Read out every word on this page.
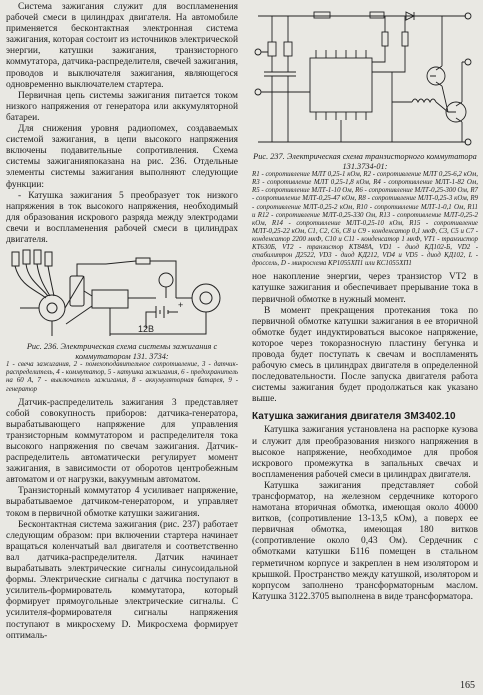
Система зажигания служит для воспламенения рабочей смеси в цилиндрах двигателя. На автомобиле применяется бесконтактная электронная система зажигания, которая состоит из источников электрической энергии, катушки зажигания, транзисторного коммутатора, датчика-распределителя, свечей зажигания, проводов и выключателя зажигания, являющегося одновременно выключателем стартера.

Первичная цепь системы зажигания питается током низкого напряжения от генератора или аккумуляторной батареи.

Для снижения уровня радиопомех, создаваемых системой зажигания, в цепи высокого напряжения включены подавительные сопротивления. Схема системы зажиганияпоказана на рис. 236. Отдельные элементы системы зажигания выполняют следующие функции:

- Катушка зажигания 5 преобразует ток низкого напряжения в ток высокого напряжения, необходимый для образования искрового разряда между электродами свечи и воспламенения рабочей смеси в цилиндрах двигателя.

12В
+

Рис. 236. Электрическая схема системы зажигания с коммутатором 131. 3734:

1 - свеча зажигания, 2 - помехоподавительное сопротивление, 3 - датчик-распределитель, 4 - коммутатор, 5 - катушка зажигания, 6 - предохранитель на 60 А, 7 - выключатель зажигания, 8 - аккумуляторная батарея, 9 - генератор

Датчик-распределитель зажигания 3 представляет собой совокупность приборов: датчика-генератора, вырабатывающего напряжение для управления транзисторным коммутатором и распределителя тока высокого напряжения по свечам зажигания. Датчик-распределитель автоматически регулирует момент зажигания, в зависимости от оборотов центробежным автоматом и от нагрузки, вакуумным автоматом.

Транзисторный коммутатор 4 усиливает напряжение, вырабатываемое датчиком-генератором, и управляет током в первичной обмотке катушки зажигания.

Бесконтактная система зажигания (рис. 237) работает следующим образом: при включении стартера начинает вращаться коленчатый вал двигателя и соответственно вал датчика-распределителя. Датчик начинает вырабатывать электрические сигналы синусоидальной формы. Электрические сигналы с датчика поступают в усилитель-формирователь коммутатора, который формирует прямоугольные электрические сигналы. С усилителя-формирователя сигналы напряжения поступают в микросхему D. Микросхема формирует оптималь-

Рис. 237. Электрическая схема транзисторного коммутатора 131.3734-01:

R1 - сопротивление МЛТ 0,25-1 кОм, R2 - сопротивление МЛТ 0,25-6,2 кОм, R3 - сопротивление МЛТ 0,25-1,8 кОм, R4 - сопротивление МЛТ-1-82 Ом, R5 - сопротивление МЛТ-1-10 Ом, R6 - сопротивление МЛТ-0,25-300 Ом, R7 - сопротивление МЛТ-0,25-47 кОм, R8 - сопротивление МЛТ-0,25-3 кОм, R9 - сопротивление МЛТ-0,25-2 кОм, R10 - сопротивление МЛТ-1-0,1 Ом, R11 и R12 - сопротивление МЛТ-0,25-330 Ом, R13 - сопротивление МЛТ-0,25-2 кОм, R14 - сопротивление МЛТ-0,25-10 кОм, R15 - сопротивление МЛТ-0,25-22 кОм, C1, C2, C6, C8 и C9 - конденсатор 0,1 мкФ, C3, C5 и C7 - конденсатор 2200 мкФ, C10 и C11 - конденсатор 1 мкФ, VT1 - транзистор КТ630Б, VT2 - транзистор КТ848А, VD1 - диод КД102-Б, VD2 - стабилитрон Д2522, VD3 - диод КД212, VD4 и VD5 - диод КД102, L - дроссель, D - микросхема КР1055ХП1 или КС1055ХП1

ное накопление энергии, через транзистор VT2 в катушке зажигания и обеспечивает прерывание тока в первичной обмотке в нужный момент.

В момент прекращения протекания тока по первичной обмотке катушки зажигания в ее вторичной обмотке будет индуктироваться высокое напряжение, которое через токоразносную пластину бегунка и провода будет поступать к свечам и воспламенять рабочую смесь в цилиндрах двигателя в определенной последовательности. После запуска двигателя работа системы зажигания будет продолжаться как указано выше.

Катушка зажигания двигателя ЗМЗ402.10

Катушка зажигания установлена на распорке кузова и служит для преобразования низкого напряжения в высокое напряжение, необходимое для пробоя искрового промежутка в запальных свечах и воспламенения рабочей смеси в цилиндрах двигателя.

Катушка зажигания представляет собой трансформатор, на железном сердечнике которого намотана вторичная обмотка, имеющая около 40000 витков, (сопротивление 13-13,5 кОм), а поверх ее первичная обмотка, имеющая 180 витков (сопротивление около 0,43 Ом). Сердечник с обмотками катушки Б116 помещен в стальном герметичном корпусе и закреплен в нем изолятором и крышкой. Пространство между катушкой, изолятором и корпусом заполнено трансформаторным маслом. Катушка 3122.3705 выполнена в виде трансформатора.

165
